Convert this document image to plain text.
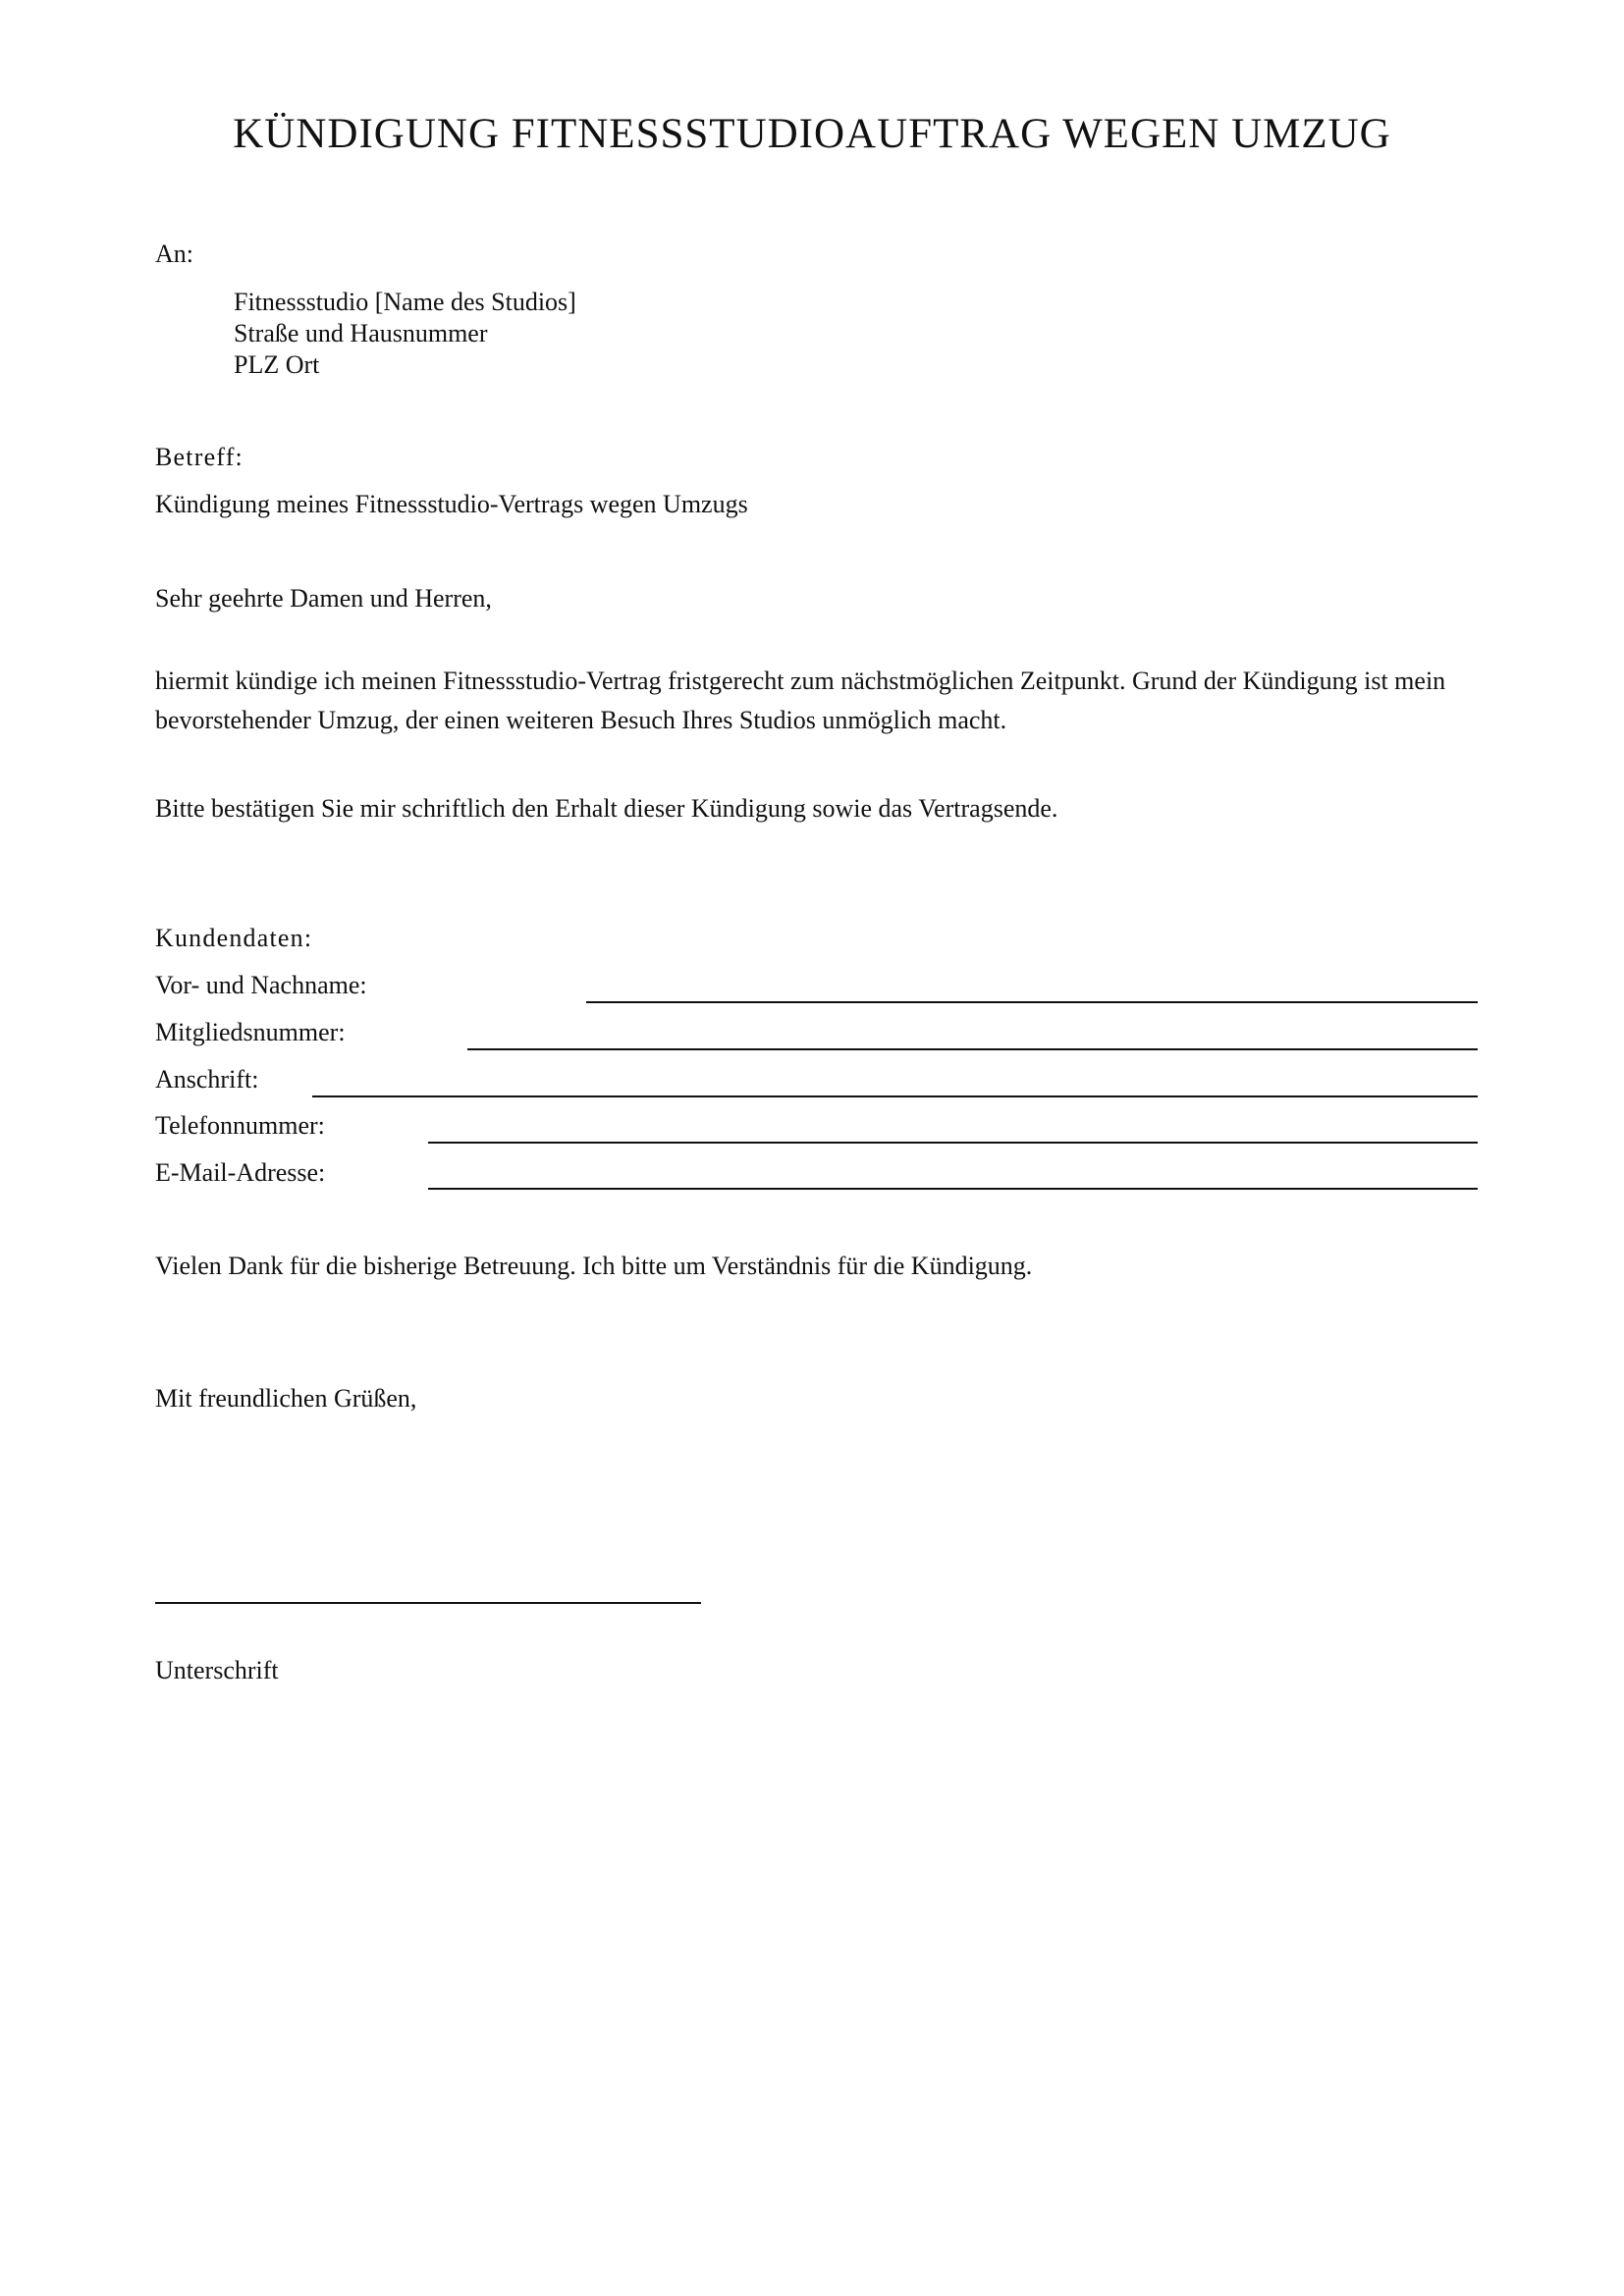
KÜNDIGUNG FITNESSSTUDIOAUFTRAG WEGEN UMZUG
An:
Fitnessstudio [Name des Studios]
Straße und Hausnummer
PLZ Ort
Betreff:
Kündigung meines Fitnessstudio-Vertrags wegen Umzugs
Sehr geehrte Damen und Herren,

hiermit kündige ich meinen Fitnessstudio-Vertrag fristgerecht zum nächstmöglichen Zeitpunkt. Grund der Kündigung ist mein bevorstehender Umzug, der einen weiteren Besuch Ihres Studios unmöglich macht.

Bitte bestätigen Sie mir schriftlich den Erhalt dieser Kündigung sowie das Vertragsende.

Kundendaten:
Vor- und Nachname:
Mitgliedsnummer:
Anschrift:
Telefonnummer:
E-Mail-Adresse:
Vielen Dank für die bisherige Betreuung. Ich bitte um Verständnis für die Kündigung.
Mit freundlichen Grüßen,
Unterschrift
